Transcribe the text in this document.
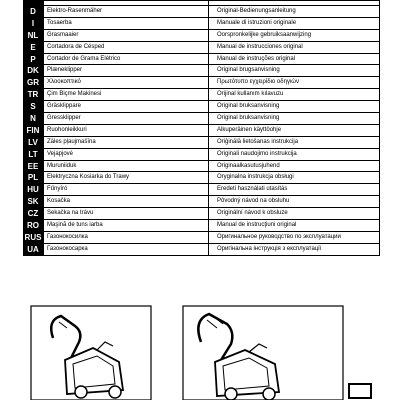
D	Elektro-Rasenmäher	Original-Bedienungsanleitung
I	Tosaerba	Manuale di istruzioni originale
NL	Grasmaaier	Oorspronkelijke gebruiksaanwijzing
E	Cortadora de Césped	Manual de instrucciones original
P	Cortador de Grama Elétrico	Manual de instruções original
DK	Plæneklipper	Original brugsanvisning
GR	Χλοοκοπτικό	Πρωτότυπο εγχειρίδιο οδηγιών
TR	Çim Biçme Makinesi	Orijinal kullanım kılavuzu
S	Gräsklippare	Original bruksanvisning
N	Gressklipper	Original bruksanvisning
FIN	Ruohonleikkuri	Alkuperäinen käyttöohje
LV	Zāles pļaujmašīna	Oriģinālā lietošanas instrukcija
LT	Vejapjovė	Originali naudojimo instrukcija
EE	Muruniiduk	Originaalkasutusjuhend
PL	Elektryczna Kosiarka do Trawy	Oryginalna instrukcja obsługi
HU	Fűnyíró	Eredeti használati utasítás
SK	Kosačka	Pôvodný návod na obsluhu
CZ	Sekačka na trávu	Originální návod k obsluze
RO	Maşină de tuns iarba	Manual de instrucţiuni original
RUS Газонокосилка	Оригинальное руководство по эксплуатации
UA	Газонокосарка	Оригінальна інструкція з експлуатації
